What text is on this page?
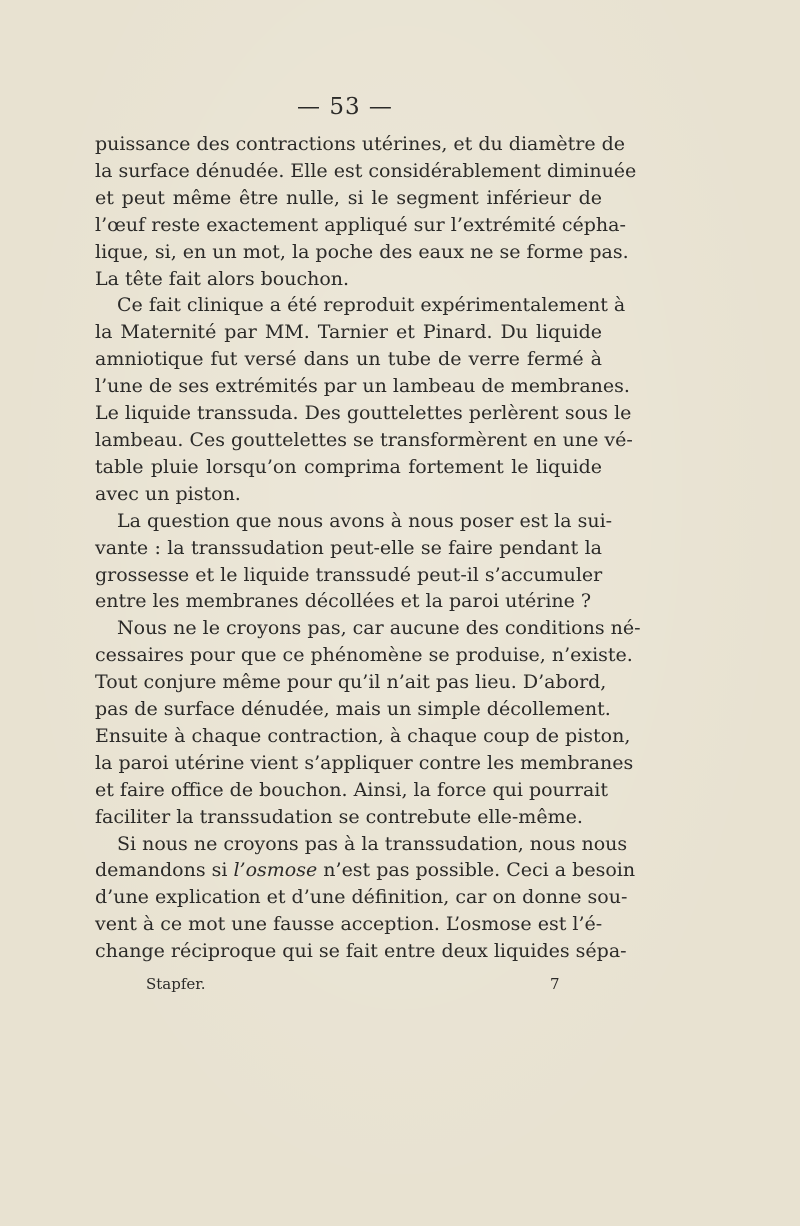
— 53 —

puissance des contractions utérines, et du diamètre de
la surface dénudée. Elle est considérablement diminuée
et peut même être nulle, si le segment inférieur de
l’œuf reste exactement appliqué sur l’extrémité cépha-
lique, si, en un mot, la poche des eaux ne se forme pas.
La tête fait alors bouchon.

Ce fait clinique a été reproduit expérimentalement à
la Maternité par MM. Tarnier et Pinard. Du liquide
amniotique fut versé dans un tube de verre fermé à
l’une de ses extrémités par un lambeau de membranes.
Le liquide transsuda. Des gouttelettes perlèrent sous le
lambeau. Ces gouttelettes se transformèrent en une vé-
table pluie lorsqu’on comprima fortement le liquide
avec un piston.

La question que nous avons à nous poser est la sui-
vante : la transsudation peut-elle se faire pendant la
grossesse et le liquide transsudé peut-il s’accumuler
entre les membranes décollées et la paroi utérine ?

Nous ne le croyons pas, car aucune des conditions né-
cessaires pour que ce phénomène se produise, n’existe.
Tout conjure même pour qu’il n’ait pas lieu. D’abord,
pas de surface dénudée, mais un simple décollement.
Ensuite à chaque contraction, à chaque coup de piston,
la paroi utérine vient s’appliquer contre les membranes
et faire office de bouchon. Ainsi, la force qui pourrait
faciliter la transsudation se contrebute elle-même.

Si nous ne croyons pas à la transsudation, nous nous
demandons si l’osmose n’est pas possible. Ceci a besoin
d’une explication et d’une définition, car on donne sou-
vent à ce mot une fausse acception. L’osmose est l’é-
change réciproque qui se fait entre deux liquides sépa-

Stapfer.	7
